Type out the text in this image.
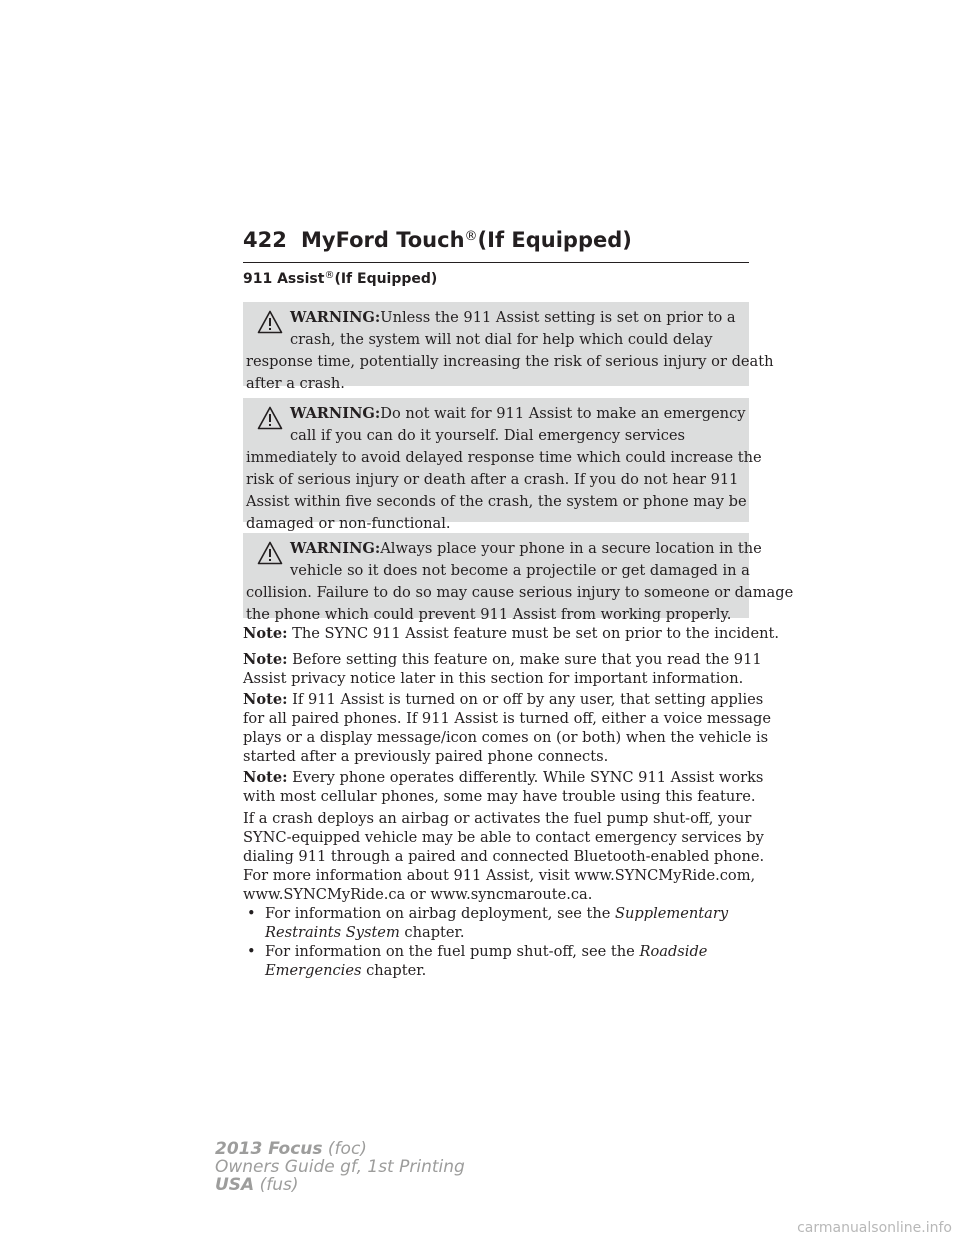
422 MyFord Touch®(If Equipped)
911 Assist®(If Equipped)
WARNING:Unless the 911 Assist setting is set on prior to a
crash, the system will not dial for help which could delay
response time, potentially increasing the risk of serious injury or death
after a crash.
WARNING:Do not wait for 911 Assist to make an emergency
call if you can do it yourself. Dial emergency services
immediately to avoid delayed response time which could increase the
risk of serious injury or death after a crash. If you do not hear 911
Assist within five seconds of the crash, the system or phone may be
damaged or non-functional.
WARNING:Always place your phone in a secure location in the
vehicle so it does not become a projectile or get damaged in a
collision. Failure to do so may cause serious injury to someone or damage
the phone which could prevent 911 Assist from working properly.
Note: The SYNC 911 Assist feature must be set on prior to the incident.
Note: Before setting this feature on, make sure that you read the 911
Assist privacy notice later in this section for important information.
Note: If 911 Assist is turned on or off by any user, that setting applies
for all paired phones. If 911 Assist is turned off, either a voice message
plays or a display message/icon comes on (or both) when the vehicle is
started after a previously paired phone connects.
Note: Every phone operates differently. While SYNC 911 Assist works
with most cellular phones, some may have trouble using this feature.
If a crash deploys an airbag or activates the fuel pump shut-off, your
SYNC-equipped vehicle may be able to contact emergency services by
dialing 911 through a paired and connected Bluetooth-enabled phone.
For more information about 911 Assist, visit www.SYNCMyRide.com,
www.SYNCMyRide.ca or www.syncmaroute.ca.
• For information on airbag deployment, see the Supplementary
Restraints System chapter.
• For information on the fuel pump shut-off, see the Roadside
Emergencies chapter.
2013 Focus (foc)
Owners Guide gf, 1st Printing
USA (fus)
carmanualsonline.info
